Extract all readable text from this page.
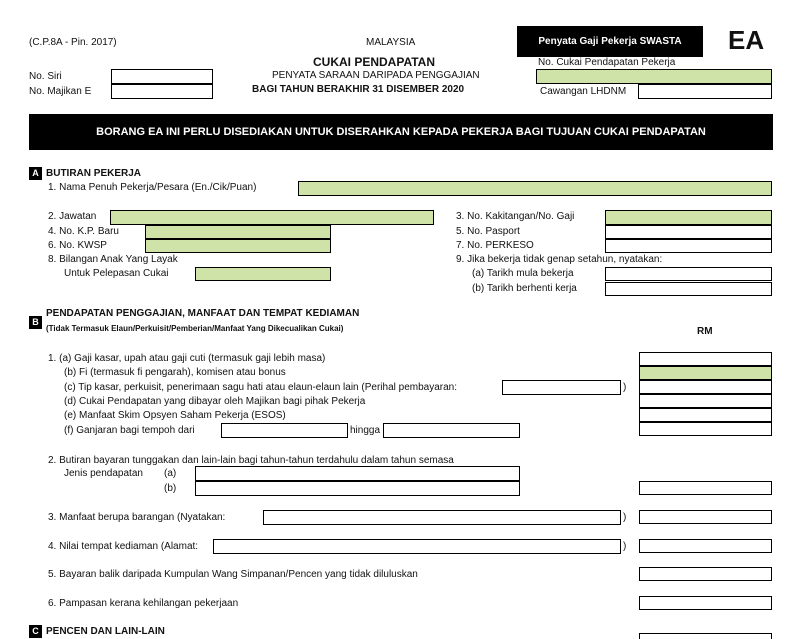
(C.P.8A - Pin. 2017)	MALAYSIA	Penyata Gaji Pekerja SWASTA	EA
CUKAI PENDAPATAN
PENYATA SARAAN DARIPADA PENGGAJIAN
BAGI TAHUN BERAKHIR 31 DISEMBER 2020
No. Siri
No. Majikan E
No. Cukai Pendapatan Pekerja
Cawangan LHDNM
BORANG EA INI PERLU DISEDIAKAN UNTUK DISERAHKAN KEPADA PEKERJA BAGI TUJUAN CUKAI PENDAPATAN
A BUTIRAN PEKERJA
1. Nama Penuh Pekerja/Pesara (En./Cik/Puan)
2. Jawatan	3. No. Kakitangan/No. Gaji
4. No. K.P. Baru	5. No. Pasport
6. No. KWSP	7. No. PERKESO
8. Bilangan Anak Yang Layak
Untuk Pelepasan Cukai
9. Jika bekerja tidak genap setahun, nyatakan:
(a) Tarikh mula bekerja
(b) Tarikh berhenti kerja
B
PENDAPATAN PENGGAJIAN, MANFAAT DAN TEMPAT KEDIAMAN
(Tidak Termasuk Elaun/Perkuisit/Pemberian/Manfaat Yang Dikecualikan Cukai)	RM
1. (a) Gaji kasar, upah atau gaji cuti (termasuk gaji lebih masa)
(b) Fi (termasuk fi pengarah), komisen atau bonus
(c) Tip kasar, perkuisit, penerimaan sagu hati atau elaun-elaun lain (Perihal pembayaran:	)
(d) Cukai Pendapatan yang dibayar oleh Majikan bagi pihak Pekerja
(e) Manfaat Skim Opsyen Saham Pekerja (ESOS)
(f) Ganjaran bagi tempoh dari	hingga
2. Butiran bayaran tunggakan dan lain-lain bagi tahun-tahun terdahulu dalam tahun semasa
Jenis pendapatan (a)
(b)
3. Manfaat berupa barangan (Nyatakan:	)
4. Nilai tempat kediaman (Alamat:	)
5. Bayaran balik daripada Kumpulan Wang Simpanan/Pencen yang tidak diluluskan
6. Pampasan kerana kehilangan pekerjaan
C PENCEN DAN LAIN-LAIN
